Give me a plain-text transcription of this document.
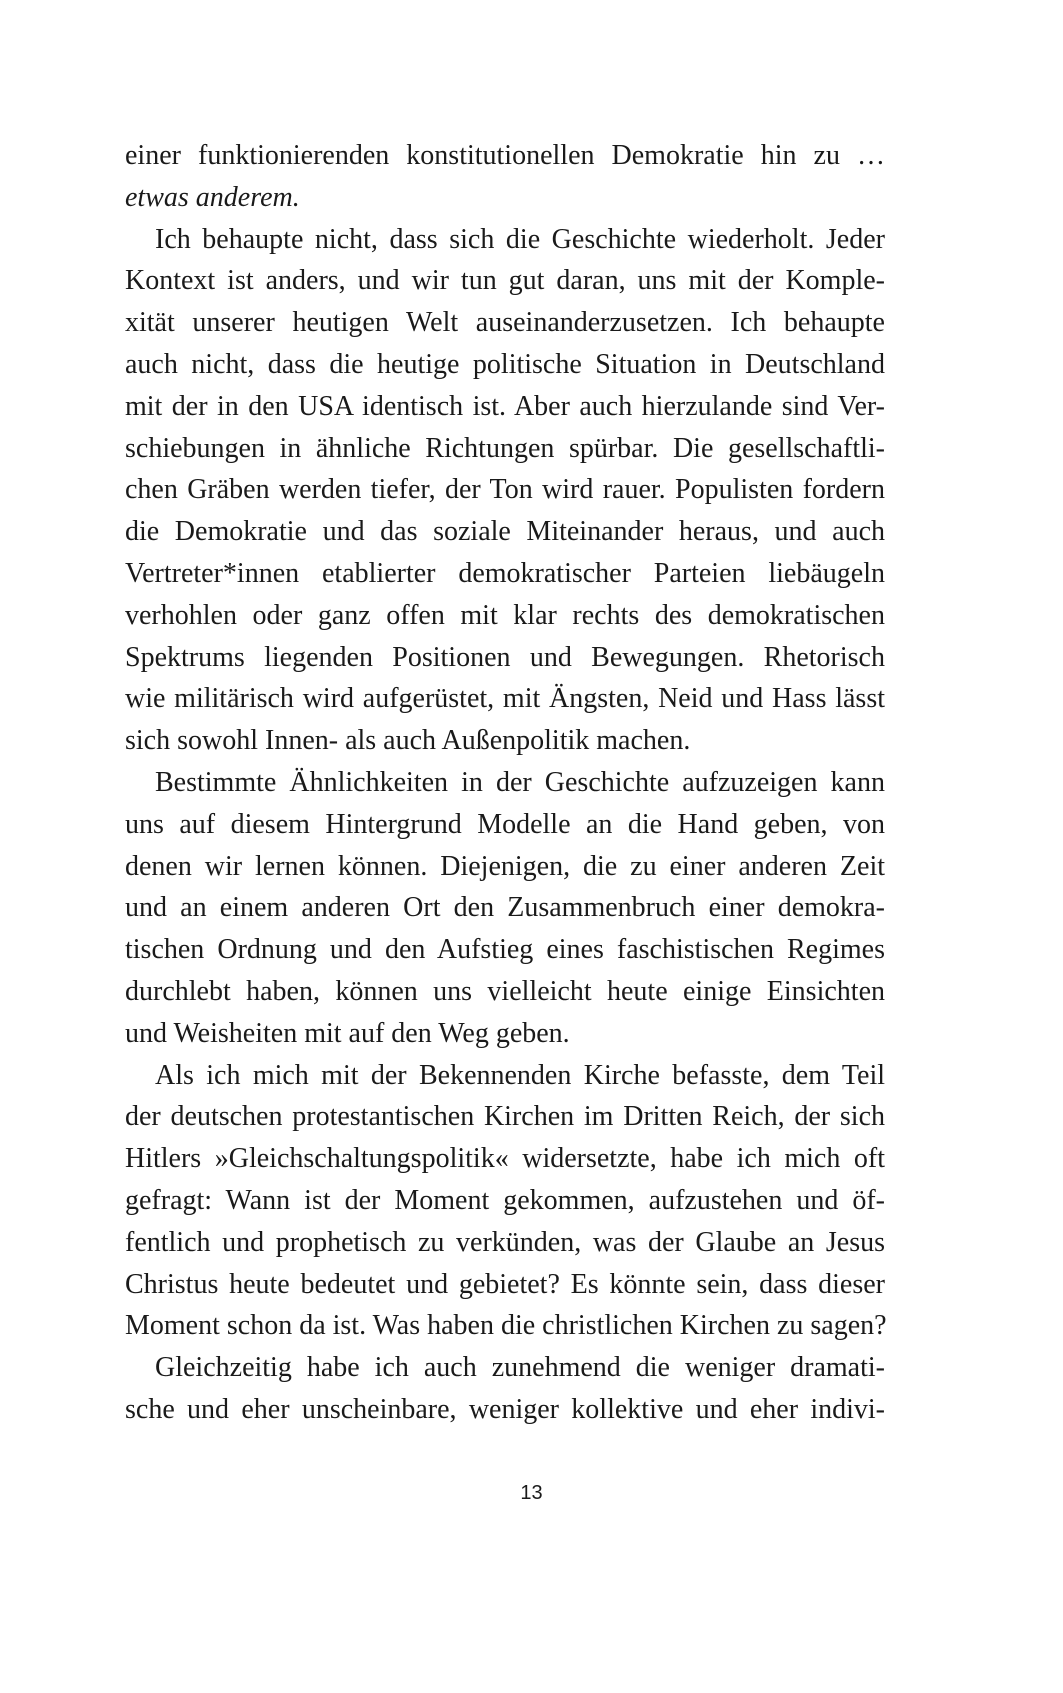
einer funktionierenden konstitutionellen Demokratie hin zu …
etwas anderem.
Ich behaupte nicht, dass sich die Geschichte wiederholt. Jeder
Kontext ist anders, und wir tun gut daran, uns mit der Komple-
xität unserer heutigen Welt auseinanderzusetzen. Ich behaupte
auch nicht, dass die heutige politische Situation in Deutschland
mit der in den USA identisch ist. Aber auch hierzulande sind Ver-
schiebungen in ähnliche Richtungen spürbar. Die gesellschaftli-
chen Gräben werden tiefer, der Ton wird rauer. Populisten fordern
die Demokratie und das soziale Miteinander heraus, und auch
Vertreter*innen etablierter demokratischer Parteien liebäugeln
verhohlen oder ganz offen mit klar rechts des demokratischen
Spektrums liegenden Positionen und Bewegungen. Rhetorisch
wie militärisch wird aufgerüstet, mit Ängsten, Neid und Hass lässt
sich sowohl Innen- als auch Außenpolitik machen.
Bestimmte Ähnlichkeiten in der Geschichte aufzuzeigen kann
uns auf diesem Hintergrund Modelle an die Hand geben, von
denen wir lernen können. Diejenigen, die zu einer anderen Zeit
und an einem anderen Ort den Zusammenbruch einer demokra-
tischen Ordnung und den Aufstieg eines faschistischen Regimes
durchlebt haben, können uns vielleicht heute einige Einsichten
und Weisheiten mit auf den Weg geben.
Als ich mich mit der Bekennenden Kirche befasste, dem Teil
der deutschen protestantischen Kirchen im Dritten Reich, der sich
Hitlers »Gleichschaltungspolitik« widersetzte, habe ich mich oft
gefragt: Wann ist der Moment gekommen, aufzustehen und öf-
fentlich und prophetisch zu verkünden, was der Glaube an Jesus
Christus heute bedeutet und gebietet? Es könnte sein, dass dieser
Moment schon da ist. Was haben die christlichen Kirchen zu sagen?
Gleichzeitig habe ich auch zunehmend die weniger dramati-
sche und eher unscheinbare, weniger kollektive und eher indivi-
13
